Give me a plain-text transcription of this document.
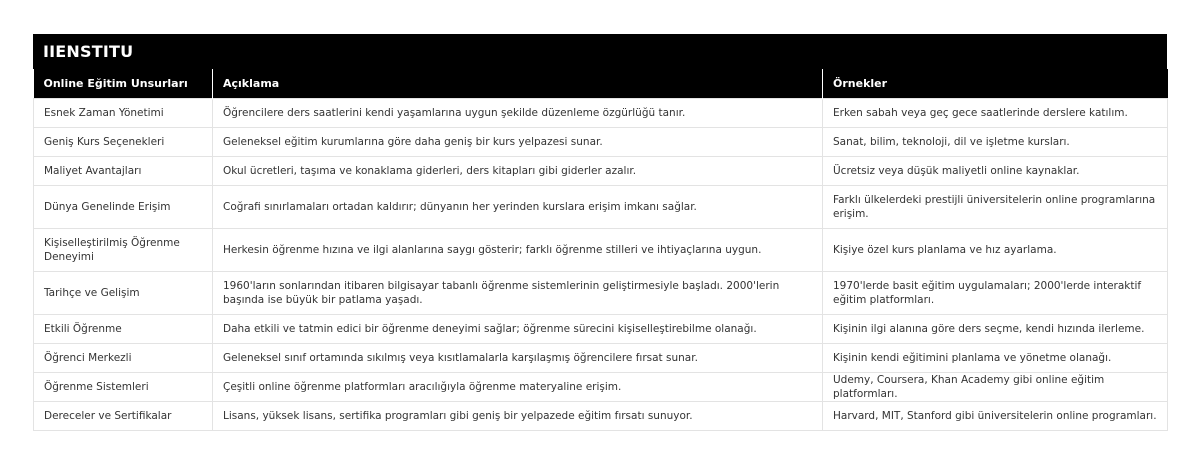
IIENSTITU
Online Eğitim Unsurları	Açıklama	Örnekler
Esnek Zaman Yönetimi	Öğrencilere ders saatlerini kendi yaşamlarına uygun şekilde düzenleme özgürlüğü tanır.	Erken sabah veya geç gece saatlerinde derslere katılım.
Geniş Kurs Seçenekleri	Geleneksel eğitim kurumlarına göre daha geniş bir kurs yelpazesi sunar.	Sanat, bilim, teknoloji, dil ve işletme kursları.
Maliyet Avantajları	Okul ücretleri, taşıma ve konaklama giderleri, ders kitapları gibi giderler azalır.	Ücretsiz veya düşük maliyetli online kaynaklar.
Dünya Genelinde Erişim	Coğrafi sınırlamaları ortadan kaldırır; dünyanın her yerinden kurslara erişim imkanı sağlar.	Farklı ülkelerdeki prestijli üniversitelerin online programlarına erişim.
Kişiselleştirilmiş Öğrenme Deneyimi	Herkesin öğrenme hızına ve ilgi alanlarına saygı gösterir; farklı öğrenme stilleri ve ihtiyaçlarına uygun.	Kişiye özel kurs planlama ve hız ayarlama.
Tarihçe ve Gelişim	1960'ların sonlarından itibaren bilgisayar tabanlı öğrenme sistemlerinin geliştirmesiyle başladı. 2000'lerin başında ise büyük bir patlama yaşadı.	1970'lerde basit eğitim uygulamaları; 2000'lerde interaktif eğitim platformları.
Etkili Öğrenme	Daha etkili ve tatmin edici bir öğrenme deneyimi sağlar; öğrenme sürecini kişiselleştirebilme olanağı.	Kişinin ilgi alanına göre ders seçme, kendi hızında ilerleme.
Öğrenci Merkezli	Geleneksel sınıf ortamında sıkılmış veya kısıtlamalarla karşılaşmış öğrencilere fırsat sunar.	Kişinin kendi eğitimini planlama ve yönetme olanağı.
Öğrenme Sistemleri	Çeşitli online öğrenme platformları aracılığıyla öğrenme materyaline erişim.	Udemy, Coursera, Khan Academy gibi online eğitim platformları.
Dereceler ve Sertifikalar	Lisans, yüksek lisans, sertifika programları gibi geniş bir yelpazede eğitim fırsatı sunuyor.	Harvard, MIT, Stanford gibi üniversitelerin online programları.
